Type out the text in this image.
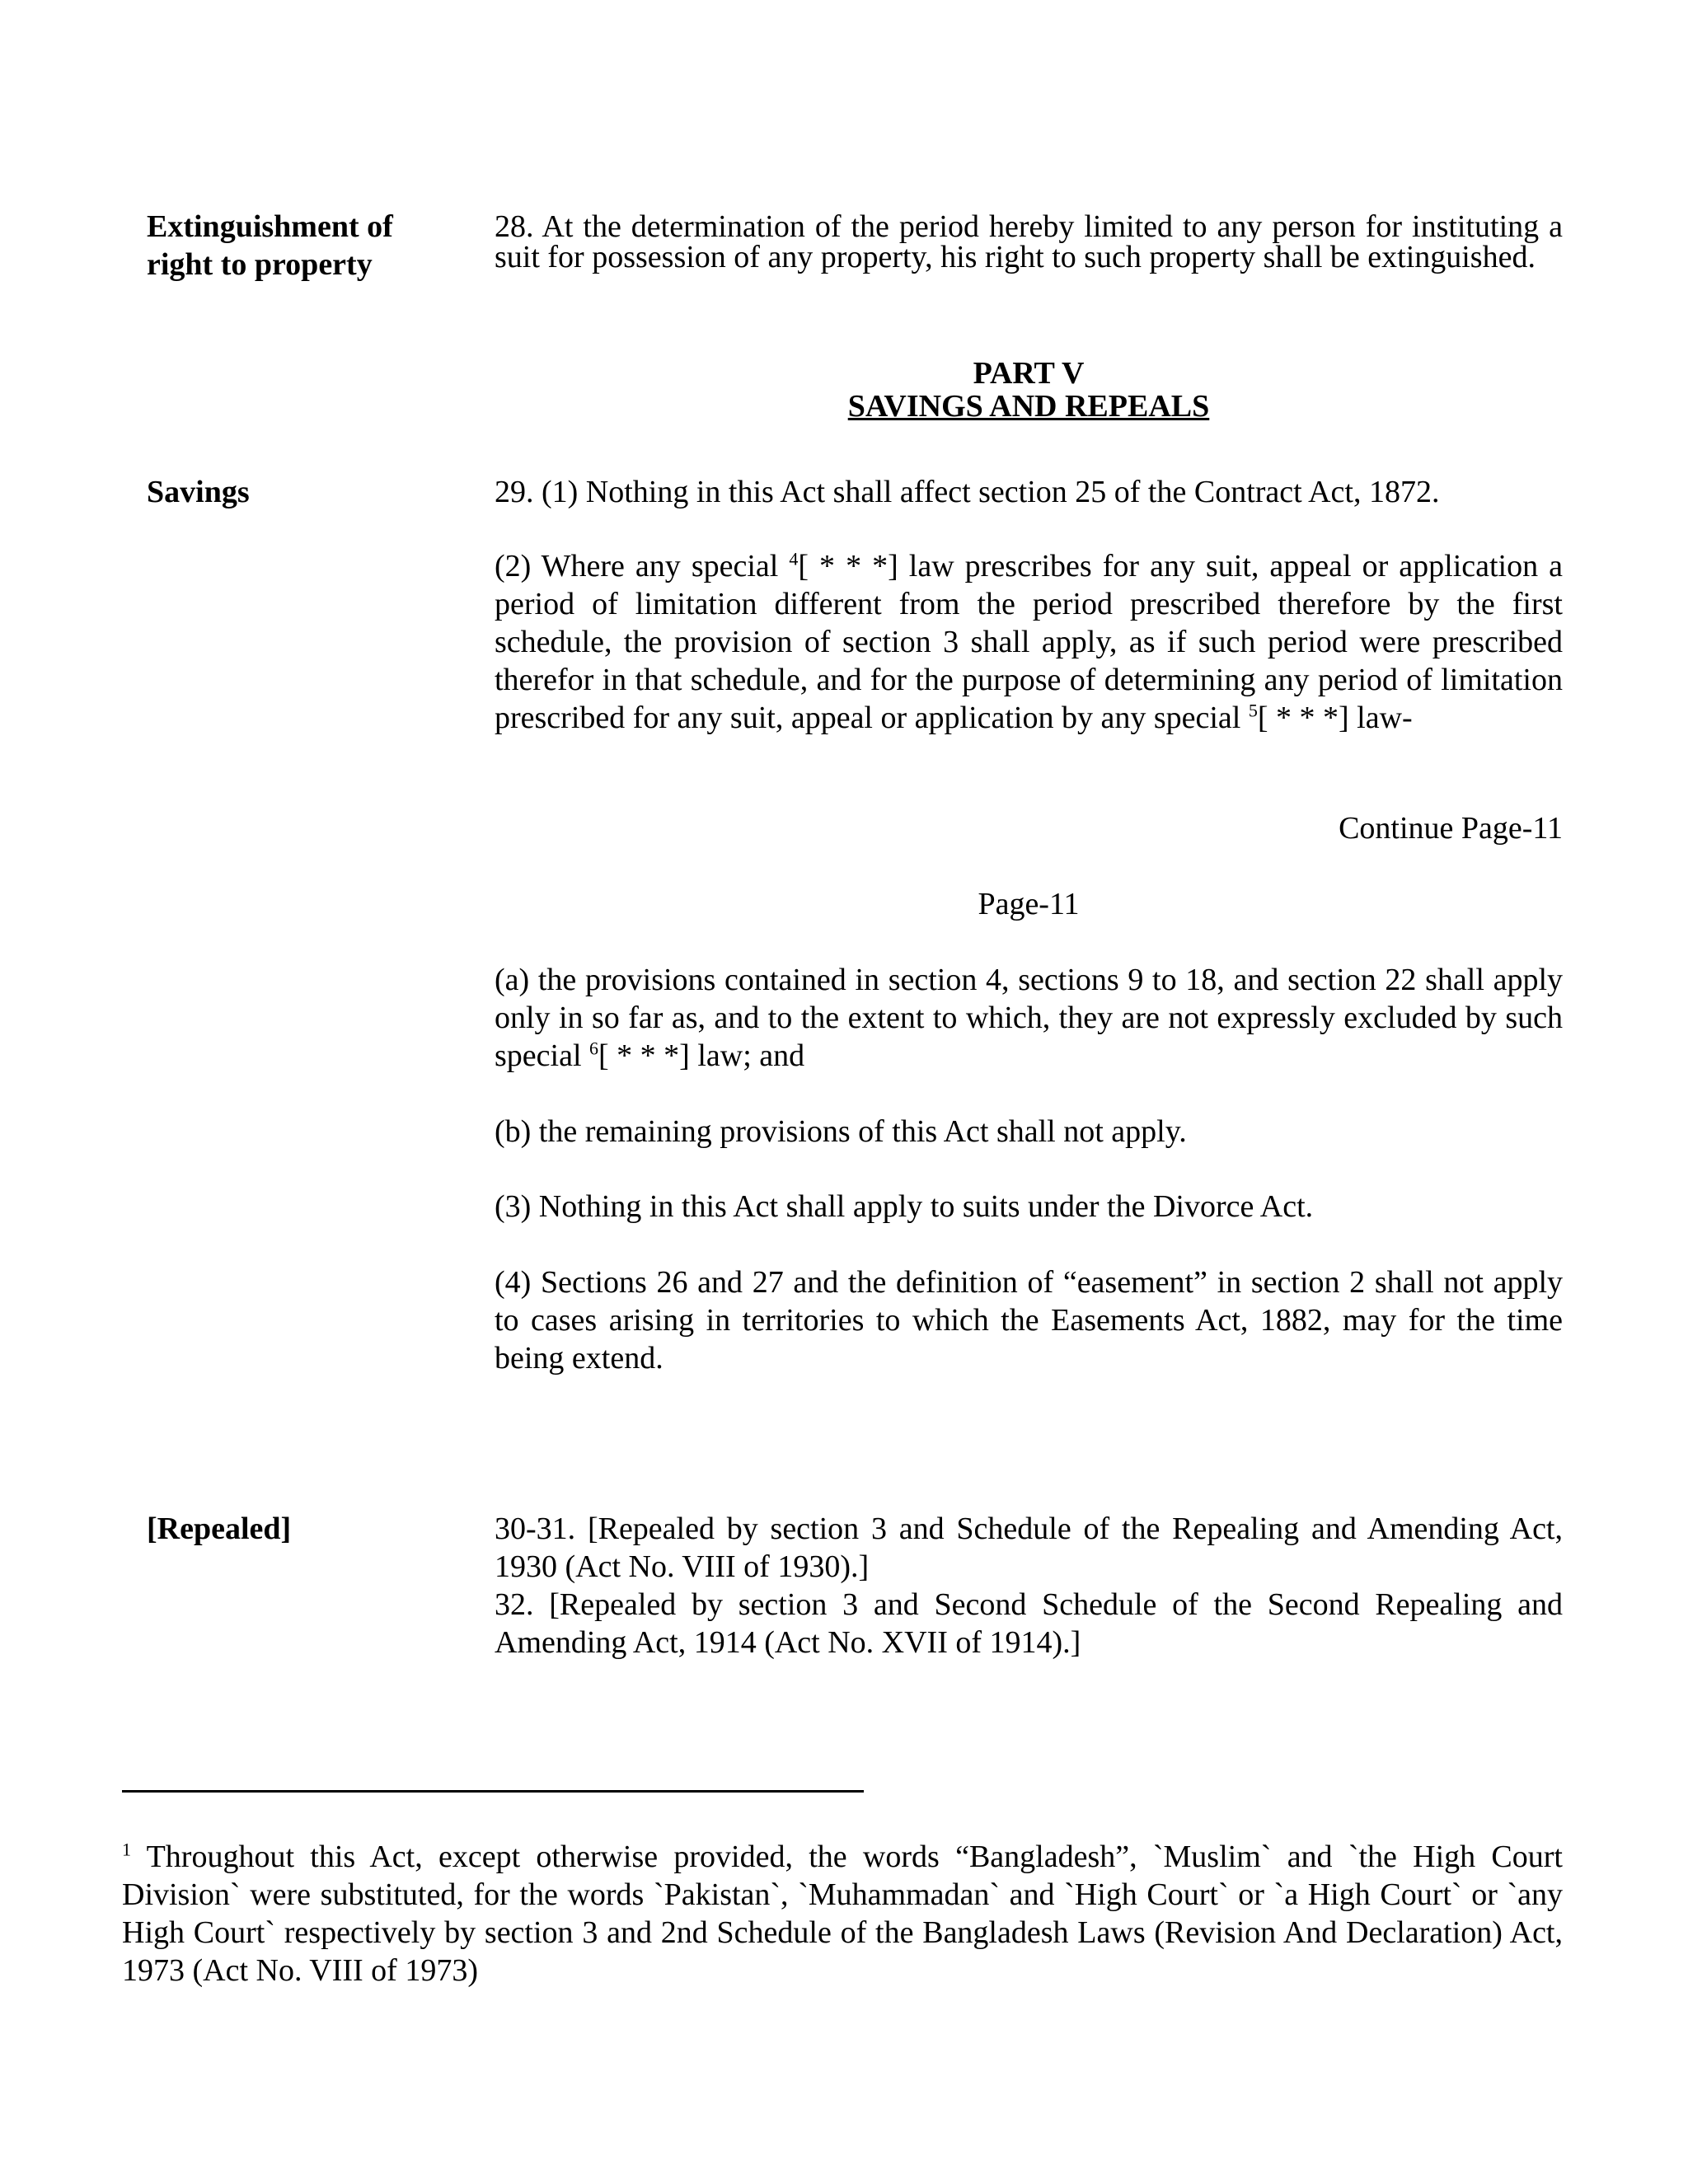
Extinguishment of right to property
28. At the determination of the period hereby limited to any person for instituting a suit for possession of any property, his right to such property shall be extinguished.
PART V
SAVINGS AND REPEALS
Savings	29. (1) Nothing in this Act shall affect section 25 of the Contract Act, 1872.
(2) Where any special $^4$[ * * *] law prescribes for any suit, appeal or application a period of limitation different from the period prescribed therefore by the first schedule, the provision of section 3 shall apply, as if such period were prescribed therefor in that schedule, and for the purpose of determining any period of limitation prescribed for any suit, appeal or application by any special $^5$[ * * *] law-
Continue Page-11
Page-11
(a) the provisions contained in section 4, sections 9 to 18, and section 22 shall apply only in so far as, and to the extent to which, they are not expressly excluded by such special $^6$[ * * *] law; and
(b) the remaining provisions of this Act shall not apply.
(3) Nothing in this Act shall apply to suits under the Divorce Act.
(4) Sections 26 and 27 and the definition of “easement” in section 2 shall not apply to cases arising in territories to which the Easements Act, 1882, may for the time being extend.
[Repealed]	30-31. [Repealed by section 3 and Schedule of the Repealing and Amending Act, 1930 (Act No. VIII of 1930).]
32. [Repealed by section 3 and Second Schedule of the Second Repealing and Amending Act, 1914 (Act No. XVII of 1914).]
$^1$ Throughout this Act, except otherwise provided, the words “Bangladesh”, `Muslim` and `the High Court Division` were substituted, for the words `Pakistan`, `Muhammadan` and `High Court` or `a High Court` or `any High Court` respectively by section 3 and 2nd Schedule of the Bangladesh Laws (Revision And Declaration) Act, 1973 (Act No. VIII of 1973)
